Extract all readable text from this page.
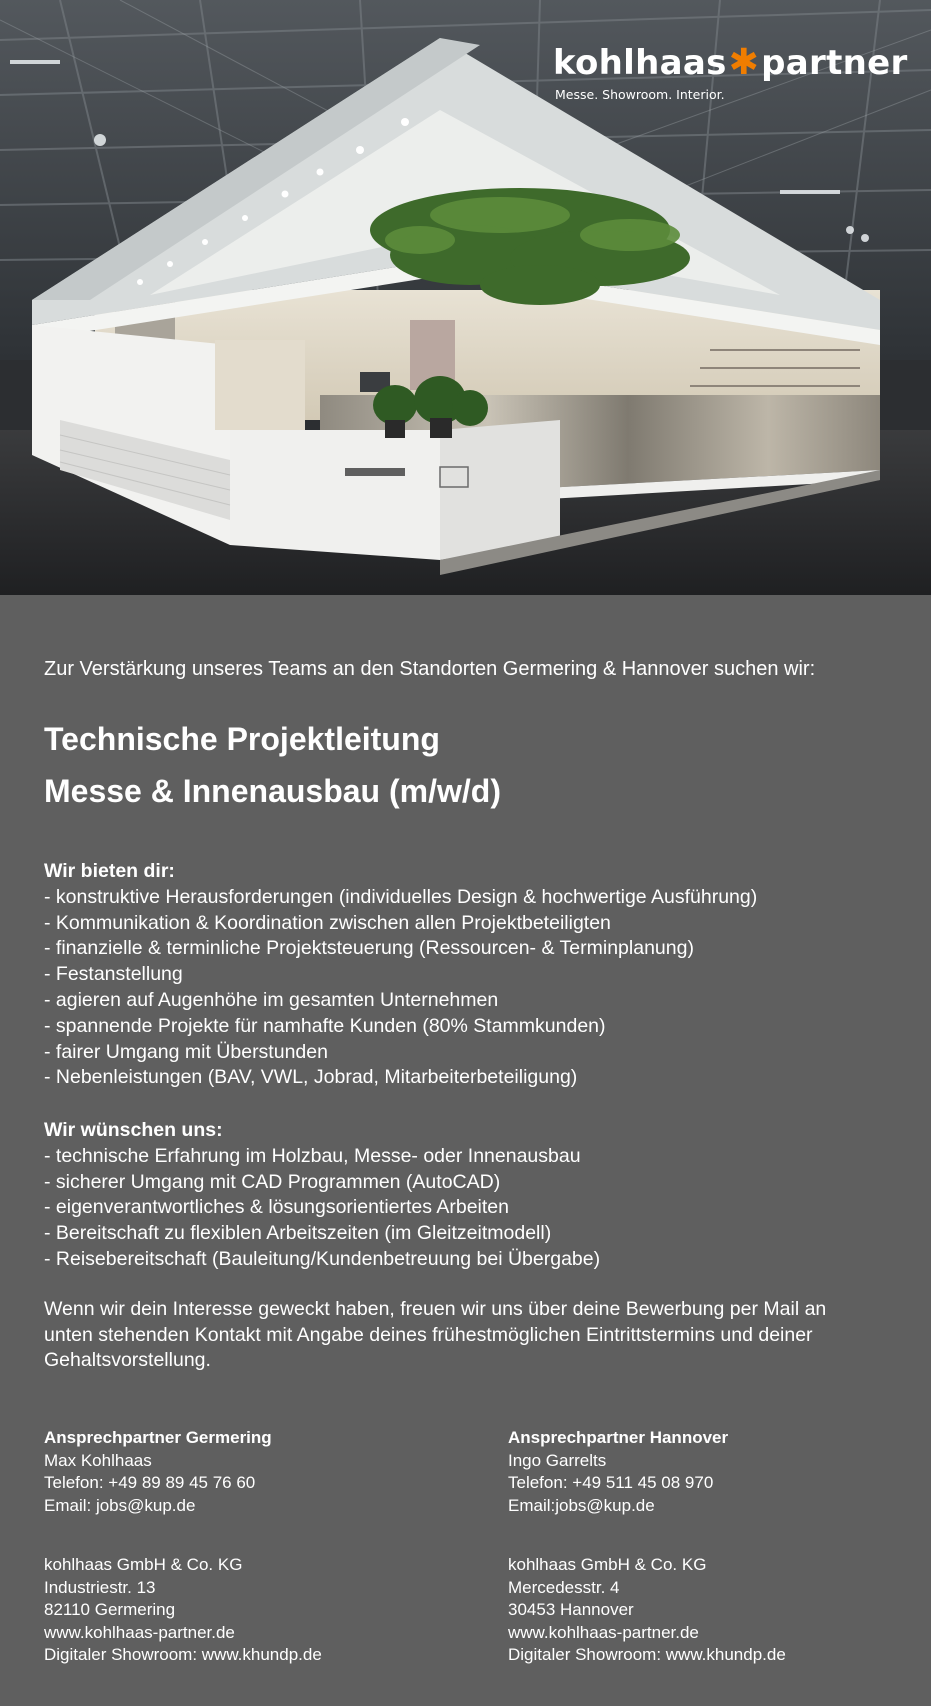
kohlhaas✱partner
Messe. Showroom. Interior.
Zur Verstärkung unseres Teams an den Standorten Germering & Hannover suchen wir:
Technische Projektleitung
Messe & Innenausbau (m/w/d)
Wir bieten dir:
- konstruktive Herausforderungen (individuelles Design & hochwertige Ausführung)
- Kommunikation & Koordination zwischen allen Projektbeteiligten
- finanzielle & terminliche Projektsteuerung (Ressourcen- & Terminplanung)
- Festanstellung
- agieren auf Augenhöhe im gesamten Unternehmen
- spannende Projekte für namhafte Kunden (80% Stammkunden)
- fairer Umgang mit Überstunden
- Nebenleistungen (BAV, VWL, Jobrad, Mitarbeiterbeteiligung)
Wir wünschen uns:
- technische Erfahrung im Holzbau, Messe- oder Innenausbau
- sicherer Umgang mit CAD Programmen (AutoCAD)
- eigenverantwortliches & lösungsorientiertes Arbeiten
- Bereitschaft zu flexiblen Arbeitszeiten (im Gleitzeitmodell)
- Reisebereitschaft (Bauleitung/Kundenbetreuung bei Übergabe)
Wenn wir dein Interesse geweckt haben, freuen wir uns über deine Bewerbung per Mail an
unten stehenden Kontakt mit Angabe deines frühestmöglichen Eintrittstermins und deiner
Gehaltsvorstellung.
Ansprechpartner Germering
Max Kohlhaas
Telefon: +49 89 89 45 76 60
Email: jobs@kup.de
kohlhaas GmbH & Co. KG
Industriestr. 13
82110 Germering
www.kohlhaas-partner.de
Digitaler Showroom: www.khundp.de
Ansprechpartner Hannover
Ingo Garrelts
Telefon: +49 511 45 08 970
Email:jobs@kup.de
kohlhaas GmbH & Co. KG
Mercedesstr. 4
30453 Hannover
www.kohlhaas-partner.de
Digitaler Showroom: www.khundp.de
